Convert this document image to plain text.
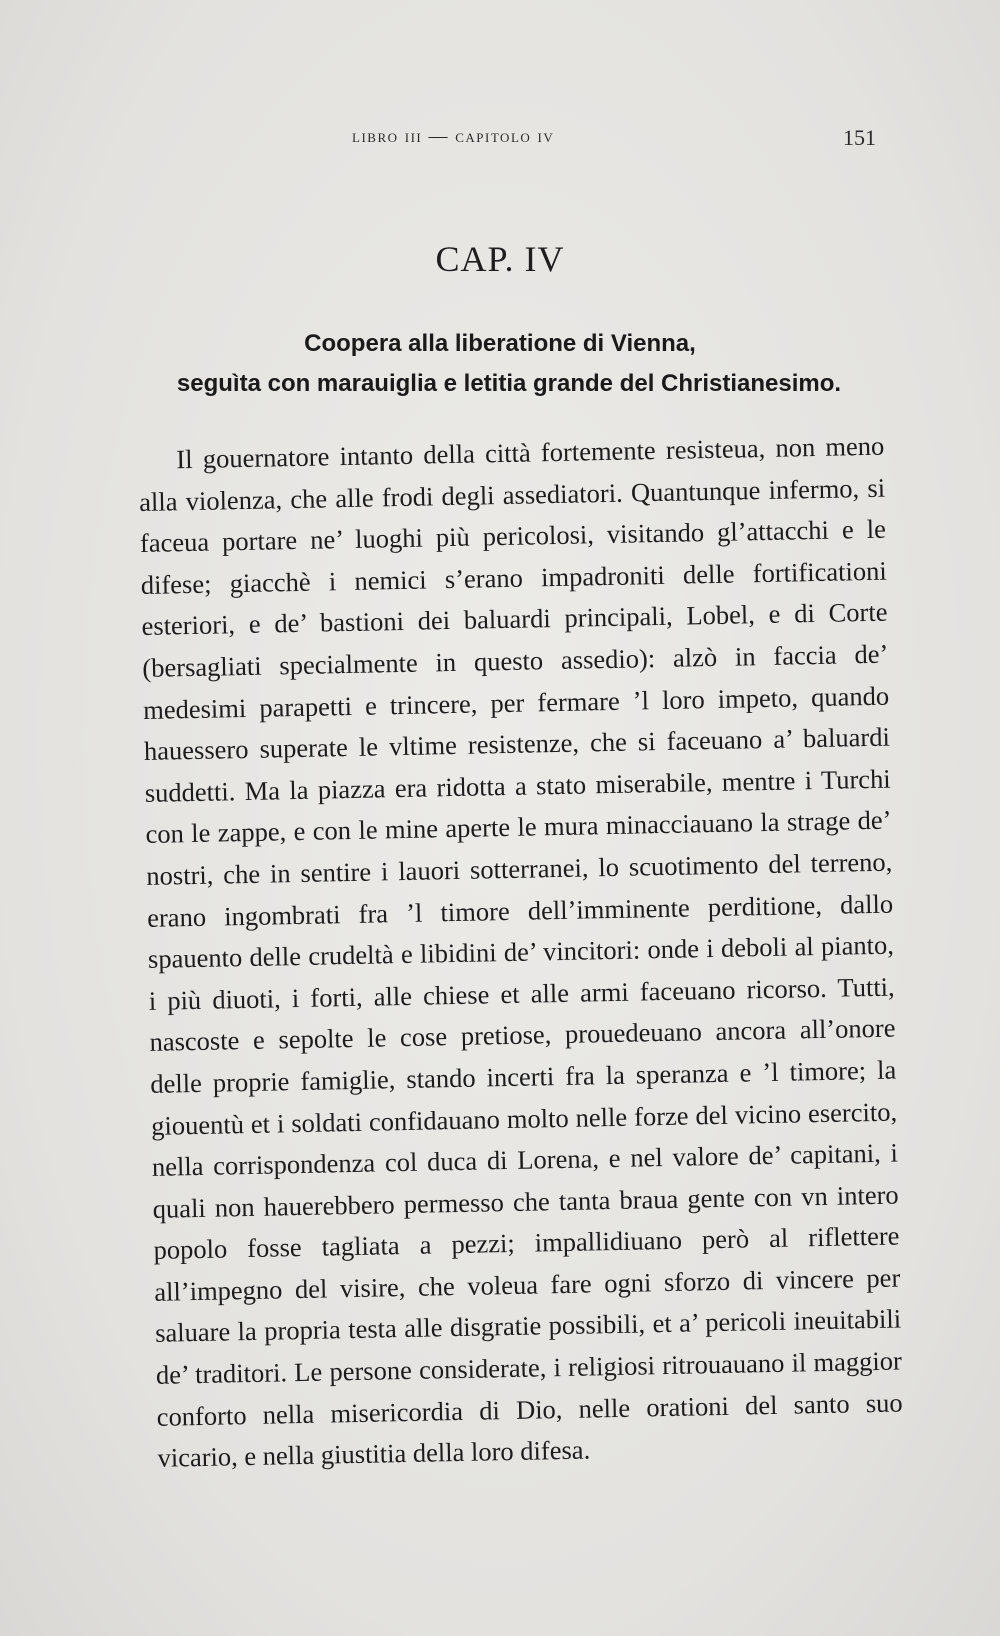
libro iii — capitolo iv	151
CAP. IV
Coopera alla liberatione di Vienna,
seguìta con marauiglia e letitia grande del Christianesimo.

Il gouernatore intanto della città fortemente resisteua, non meno alla violenza, che alle frodi degli assediatori. Quantunque infermo, si faceua portare ne’ luoghi più pericolosi, visitando gl’attacchi e le difese; giacchè i nemici s’erano impadroniti delle fortificationi esteriori, e de’ bastioni dei baluardi principali, Lobel, e di Corte (bersagliati specialmente in questo assedio): alzò in faccia de’ medesimi parapetti e trincere, per fermare ’l loro impeto, quando hauessero superate le vltime resistenze, che si faceuano a’ baluardi suddetti. Ma la piazza era ridotta a stato miserabile, mentre i Turchi con le zappe, e con le mine aperte le mura minacciauano la strage de’ nostri, che in sentire i lauori sotterranei, lo scuotimento del terreno, erano ingombrati fra ’l timore dell’imminente perditione, dallo spauento delle crudeltà e libidini de’ vincitori: onde i deboli al pianto, i più diuoti, i forti, alle chiese et alle armi faceuano ricorso. Tutti, nascoste e sepolte le cose pretiose, prouedeuano ancora all’onore delle proprie famiglie, stando incerti fra la speranza e ’l timore; la giouentù et i soldati confidauano molto nelle forze del vicino esercito, nella corrispondenza col duca di Lorena, e nel valore de’ capitani, i quali non hauerebbero permesso che tanta braua gente con vn intero popolo fosse tagliata a pezzi; impallidiuano però al riflettere all’impegno del visire, che voleua fare ogni sforzo di vincere per saluare la propria testa alle disgratie possibili, et a’ pericoli ineuitabili de’ traditori. Le persone considerate, i religiosi ritrouauano il maggior conforto nella misericordia di Dio, nelle orationi del santo suo vicario, e nella giustitia della loro difesa.
